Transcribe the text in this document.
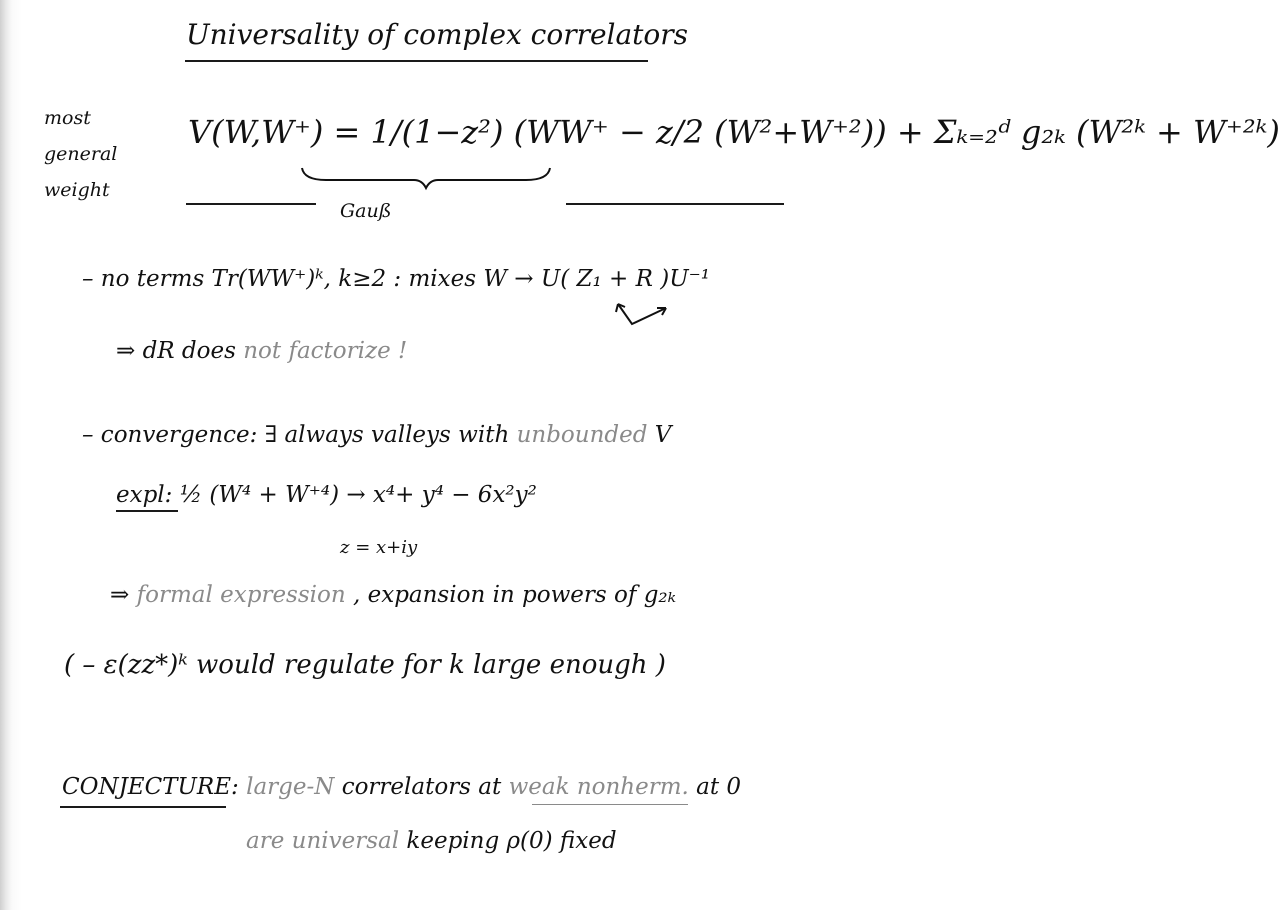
Universality of complex correlators
most
general
weight
V(W,W⁺) = 1/(1−z²) (WW⁺ − z/2 (W²+W⁺²)) + Σₖ₌₂ᵈ g₂ₖ (W²ᵏ + W⁺²ᵏ)
Gauß
– no terms Tr(WW⁺)ᵏ, k≥2 : mixes W → U( Z₁ + R )U⁻¹
⇒ dR does not factorize !
– convergence: ∃ always valleys with unbounded V
expl: ½ (W⁴ + W⁺⁴) → x⁴+ y⁴ − 6x²y²
z = x+iy
⇒ formal expression , expansion in powers of g₂ₖ
( – ε(zz*)ᵏ would regulate for k large enough )
CONJECTURE: large-N correlators at weak nonherm. at 0
are universal keeping ρ(0) fixed
